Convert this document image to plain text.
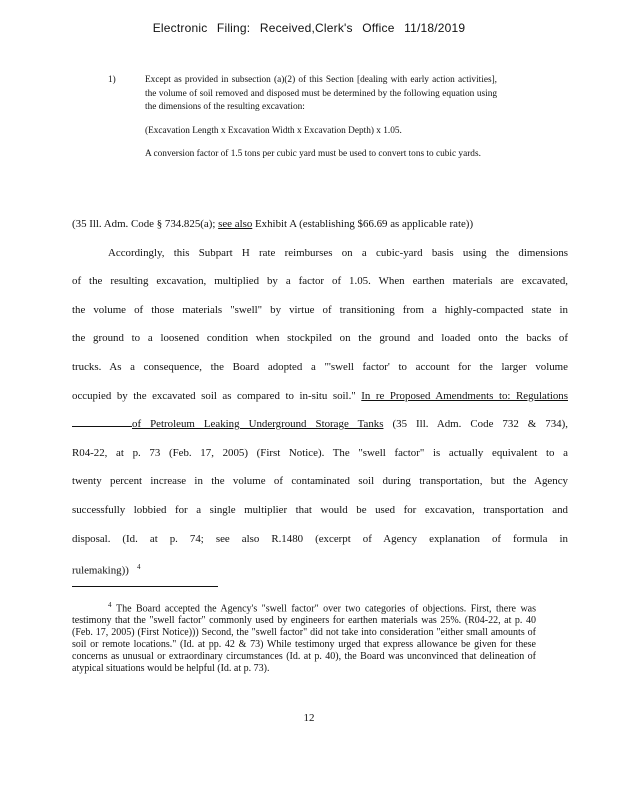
Electronic Filing: Received,Clerk's Office 11/18/2019
1)	Except as provided in subsection (a)(2) of this Section [dealing with early action activities], the volume of soil removed and disposed must be determined by the following equation using the dimensions of the resulting excavation:

(Excavation Length x Excavation Width x Excavation Depth) x 1.05.

A conversion factor of 1.5 tons per cubic yard must be used to convert tons to cubic yards.

(35 Ill. Adm. Code § 734.825(a); see also Exhibit A (establishing $66.69 as applicable rate))
Accordingly, this Subpart H rate reimburses on a cubic-yard basis using the dimensions
of the resulting excavation, multiplied by a factor of 1.05. When earthen materials are excavated,
the volume of those materials "swell" by virtue of transitioning from a highly-compacted state in
the ground to a loosened condition when stockpiled on the ground and loaded onto the backs of
trucks. As a consequence, the Board adopted a "'swell factor' to account for the larger volume
occupied by the excavated soil as compared to in-situ soil." In re Proposed Amendments to: Regulations
of Petroleum Leaking Underground Storage Tanks (35 Ill. Adm. Code 732 & 734),
R04-22, at p. 73 (Feb. 17, 2005) (First Notice). The "swell factor" is actually equivalent to a
twenty percent increase in the volume of contaminated soil during transportation, but the Agency
successfully lobbied for a single multiplier that would be used for excavation, transportation and
disposal. (Id. at p. 74; see also R.1480 (excerpt of Agency explanation of formula in
rulemaking)) $^4$
$^4$ The Board accepted the Agency's "swell factor" over two categories of objections. First, there was testimony that the "swell factor" commonly used by engineers for earthen materials was 25%. (R04-22, at p. 40 (Feb. 17, 2005) (First Notice))) Second, the "swell factor" did not take into consideration "either small amounts of soil or remote locations." (Id. at pp. 42 & 73) While testimony urged that express allowance be given for these concerns as unusual or extraordinary circumstances (Id. at p. 40), the Board was unconvinced that delineation of atypical situations would be helpful (Id. at p. 73).
12
